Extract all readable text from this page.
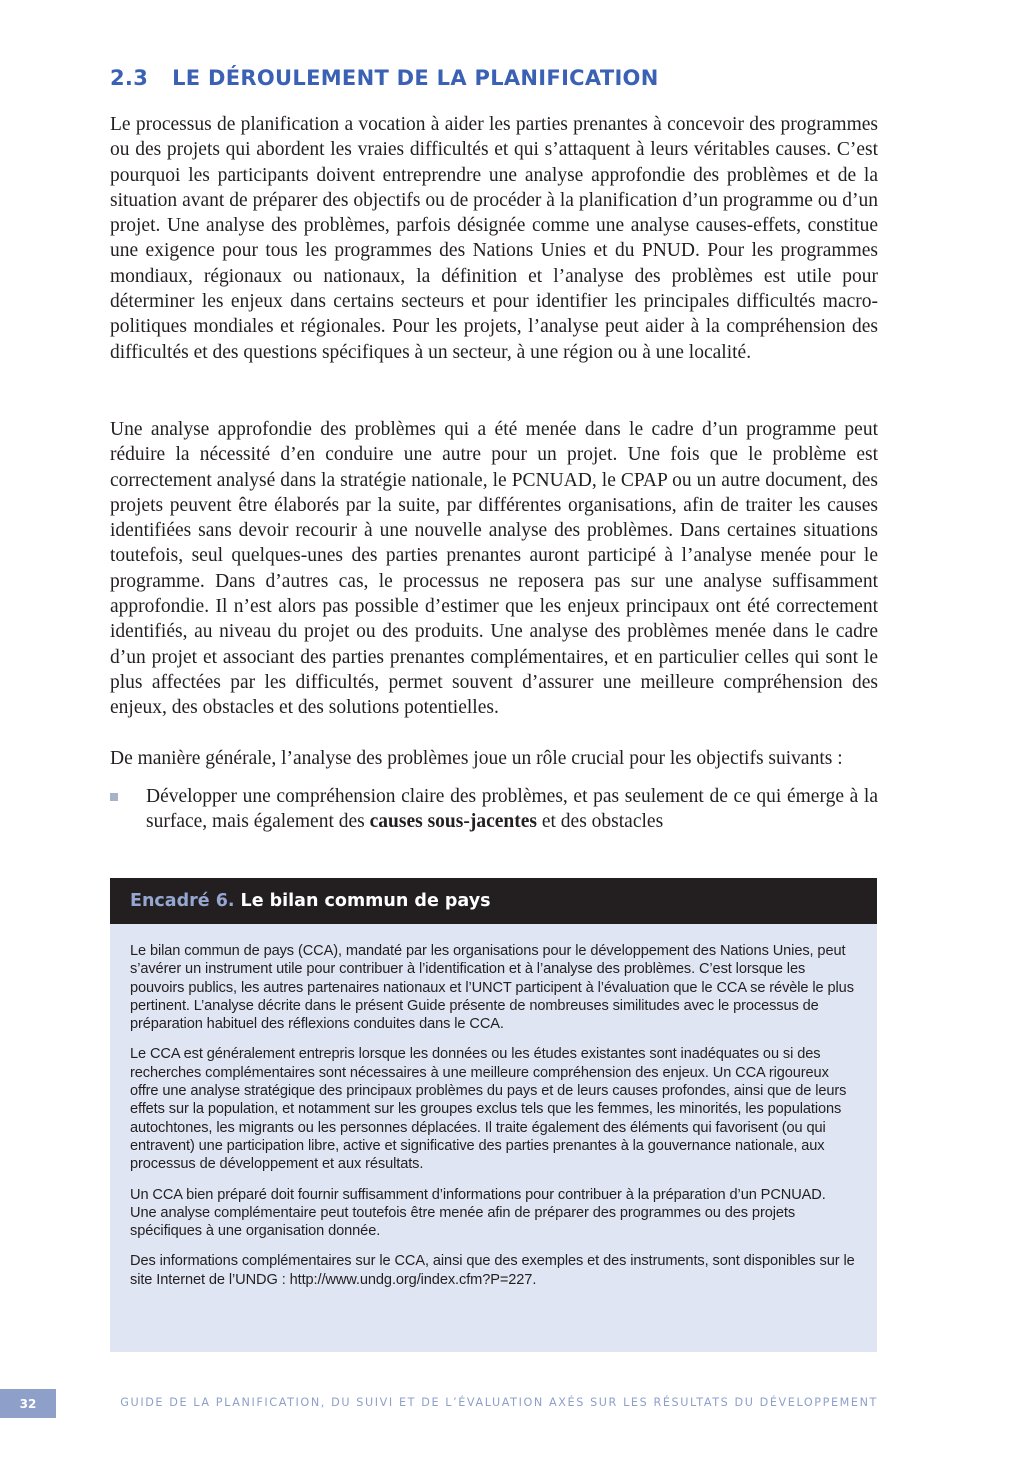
2.3 LE DÉROULEMENT DE LA PLANIFICATION

Le processus de planification a vocation à aider les parties prenantes à concevoir des programmes ou des projets qui abordent les vraies difficultés et qui s’attaquent à leurs véritables causes. C’est pourquoi les participants doivent entreprendre une analyse approfondie des problèmes et de la situation avant de préparer des objectifs ou de procéder à la planification d’un programme ou d’un projet. Une analyse des problèmes, parfois désignée comme une analyse causes-effets, constitue une exigence pour tous les programmes des Nations Unies et du PNUD. Pour les programmes mondiaux, régionaux ou nationaux, la définition et l’analyse des problèmes est utile pour déterminer les enjeux dans certains secteurs et pour identifier les principales difficultés macro-politiques mondiales et régionales. Pour les projets, l’analyse peut aider à la compréhension des difficultés et des questions spécifiques à un secteur, à une région ou à une localité.

Une analyse approfondie des problèmes qui a été menée dans le cadre d’un programme peut réduire la nécessité d’en conduire une autre pour un projet. Une fois que le problème est correctement analysé dans la stratégie nationale, le PCNUAD, le CPAP ou un autre document, des projets peuvent être élaborés par la suite, par différentes organisations, afin de traiter les causes identifiées sans devoir recourir à une nouvelle analyse des problèmes. Dans certaines situations toutefois, seul quelques-unes des parties prenantes auront participé à l’analyse menée pour le programme. Dans d’autres cas, le processus ne reposera pas sur une analyse suffisamment approfondie. Il n’est alors pas possible d’estimer que les enjeux principaux ont été correctement identifiés, au niveau du projet ou des produits. Une analyse des problèmes menée dans le cadre d’un projet et associant des parties prenantes complémentaires, et en particulier celles qui sont le plus affectées par les difficultés, permet souvent d’assurer une meilleure compréhension des enjeux, des obstacles et des solutions potentielles.

De manière générale, l’analyse des problèmes joue un rôle crucial pour les objectifs suivants :

Développer une compréhension claire des problèmes, et pas seulement de ce qui émerge à la surface, mais également des causes sous-jacentes et des obstacles
Encadré 6. Le bilan commun de pays

Le bilan commun de pays (CCA), mandaté par les organisations pour le développement des Nations Unies, peut s’avérer un instrument utile pour contribuer à l’identification et à l’analyse des problèmes. C’est lorsque les pouvoirs publics, les autres partenaires nationaux et l’UNCT participent à l’évaluation que le CCA se révèle le plus pertinent. L’analyse décrite dans le présent Guide présente de nombreuses similitudes avec le processus de préparation habituel des réflexions conduites dans le CCA.

Le CCA est généralement entrepris lorsque les données ou les études existantes sont inadéquates ou si des recherches complémentaires sont nécessaires à une meilleure compréhension des enjeux. Un CCA rigoureux offre une analyse stratégique des principaux problèmes du pays et de leurs causes profondes, ainsi que de leurs effets sur la population, et notamment sur les groupes exclus tels que les femmes, les minorités, les populations autochtones, les migrants ou les personnes déplacées. Il traite également des éléments qui favorisent (ou qui entravent) une participation libre, active et significative des parties prenantes à la gouvernance nationale, aux processus de développement et aux résultats.

Un CCA bien préparé doit fournir suffisamment d’informations pour contribuer à la préparation d’un PCNUAD. Une analyse complémentaire peut toutefois être menée afin de préparer des programmes ou des projets spécifiques à une organisation donnée.

Des informations complémentaires sur le CCA, ainsi que des exemples et des instruments, sont disponibles sur le site Internet de l’UNDG : http://www.undg.org/index.cfm?P=227.

32	GUIDE DE LA PLANIFICATION, DU SUIVI ET DE L’ÉVALUATION AXÉS SUR LES RÉSULTATS DU DÉVELOPPEMENT
